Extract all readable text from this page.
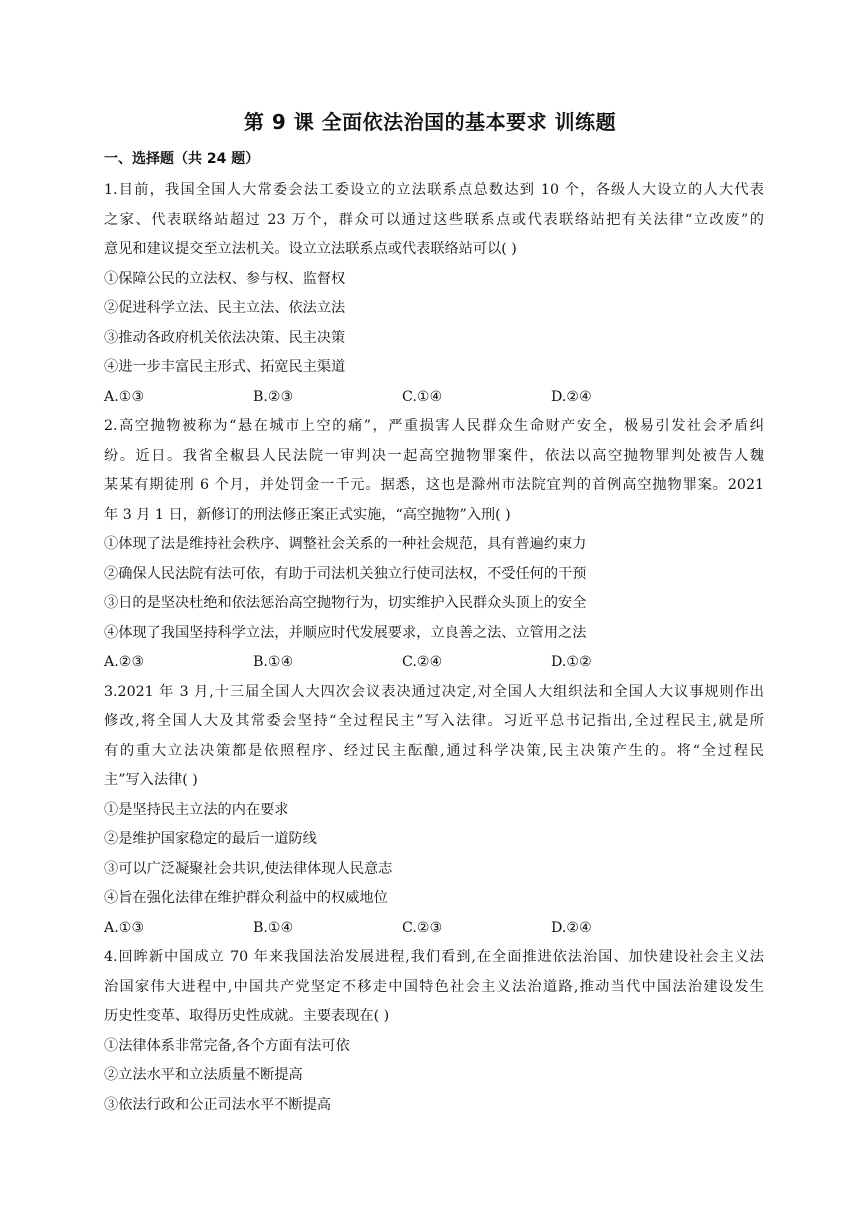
第 9 课 全面依法治国的基本要求 训练题
一、选择题（共 24 题）
1.目前，我国全国人大常委会法工委设立的立法联系点总数达到 10 个，各级人大设立的人大代表
之家、代表联络站超过 23 万个，群众可以通过这些联系点或代表联络站把有关法律“立改废”的
意见和建议提交至立法机关。设立立法联系点或代表联络站可以( )
①保障公民的立法权、参与权、监督权
②促进科学立法、民主立法、依法立法
③推动各政府机关依法决策、民主决策
④进一步丰富民主形式、拓宽民主渠道
A.①③	B.②③	C.①④	D.②④
2.高空抛物被称为“悬在城市上空的痛”，严重损害人民群众生命财产安全，极易引发社会矛盾纠
纷。近日。我省全椒县人民法院一审判决一起高空抛物罪案件，依法以高空抛物罪判处被告人魏
某某有期徒刑 6 个月，并处罚金一千元。据悉，这也是滁州市法院宜判的首例高空抛物罪案。2021
年 3 月 1 日，新修订的刑法修正案正式实施，“高空抛物”入刑( )
①体现了法是维持社会秩序、调整社会关系的一种社会规范，具有普遍约束力
②确保人民法院有法可依，有助于司法机关独立行使司法权，不受任何的干预
③日的是坚决杜绝和依法惩治高空抛物行为，切实维护入民群众头顶上的安全
④体现了我国坚持科学立法，并顺应时代发展要求，立良善之法、立管用之法
A.②③	B.①④	C.②④	D.①②
3.2021 年 3 月,十三届全国人大四次会议表决通过决定,对全国人大组织法和全国人大议事规则作出
修改,将全国人大及其常委会坚持“全过程民主”写入法律。习近平总书记指出,全过程民主,就是所
有的重大立法决策都是依照程序、经过民主酝酿,通过科学决策,民主决策产生的。将“全过程民
主”写入法律( )
①是坚持民主立法的内在要求
②是维护国家稳定的最后一道防线
③可以广泛凝聚社会共识,使法律体现人民意志
④旨在强化法律在维护群众利益中的权威地位
A.①③	B.①④	C.②③	D.②④
4.回眸新中国成立 70 年来我国法治发展进程,我们看到,在全面推进依法治国、加快建设社会主义法
治国家伟大进程中,中国共产党坚定不移走中国特色社会主义法治道路,推动当代中国法治建设发生
历史性变革、取得历史性成就。主要表现在( )
①法律体系非常完备,各个方面有法可依
②立法水平和立法质量不断提高
③依法行政和公正司法水平不断提高
